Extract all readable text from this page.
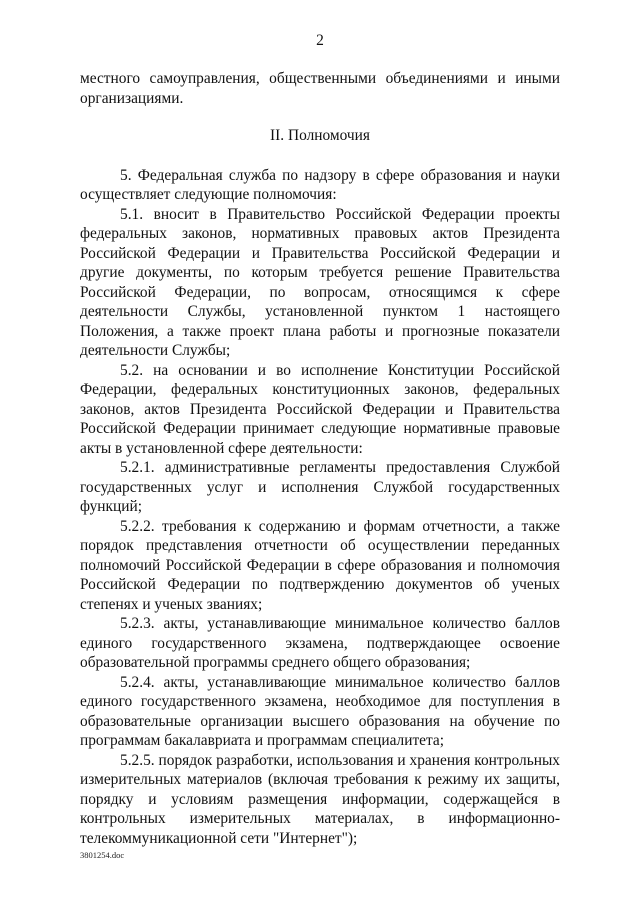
2

местного самоуправления, общественными объединениями и иными организациями.

II. Полномочия

5. Федеральная служба по надзору в сфере образования и науки осуществляет следующие полномочия:

5.1. вносит в Правительство Российской Федерации проекты федеральных законов, нормативных правовых актов Президента Российской Федерации и Правительства Российской Федерации и другие документы, по которым требуется решение Правительства Российской Федерации, по вопросам, относящимся к сфере деятельности Службы, установленной пунктом 1 настоящего Положения, а также проект плана работы и прогнозные показатели деятельности Службы;

5.2. на основании и во исполнение Конституции Российской Федерации, федеральных конституционных законов, федеральных законов, актов Президента Российской Федерации и Правительства Российской Федерации принимает следующие нормативные правовые акты в установленной сфере деятельности:

5.2.1. административные регламенты предоставления Службой государственных услуг и исполнения Службой государственных функций;

5.2.2. требования к содержанию и формам отчетности, а также порядок представления отчетности об осуществлении переданных полномочий Российской Федерации в сфере образования и полномочия Российской Федерации по подтверждению документов об ученых степенях и ученых званиях;

5.2.3. акты, устанавливающие минимальное количество баллов единого государственного экзамена, подтверждающее освоение образовательной программы среднего общего образования;

5.2.4. акты, устанавливающие минимальное количество баллов единого государственного экзамена, необходимое для поступления в образовательные организации высшего образования на обучение по программам бакалавриата и программам специалитета;

5.2.5. порядок разработки, использования и хранения контрольных измерительных материалов (включая требования к режиму их защиты, порядку и условиям размещения информации, содержащейся в контрольных измерительных материалах, в информационно-телекоммуникационной сети "Интернет");

3801254.doc
